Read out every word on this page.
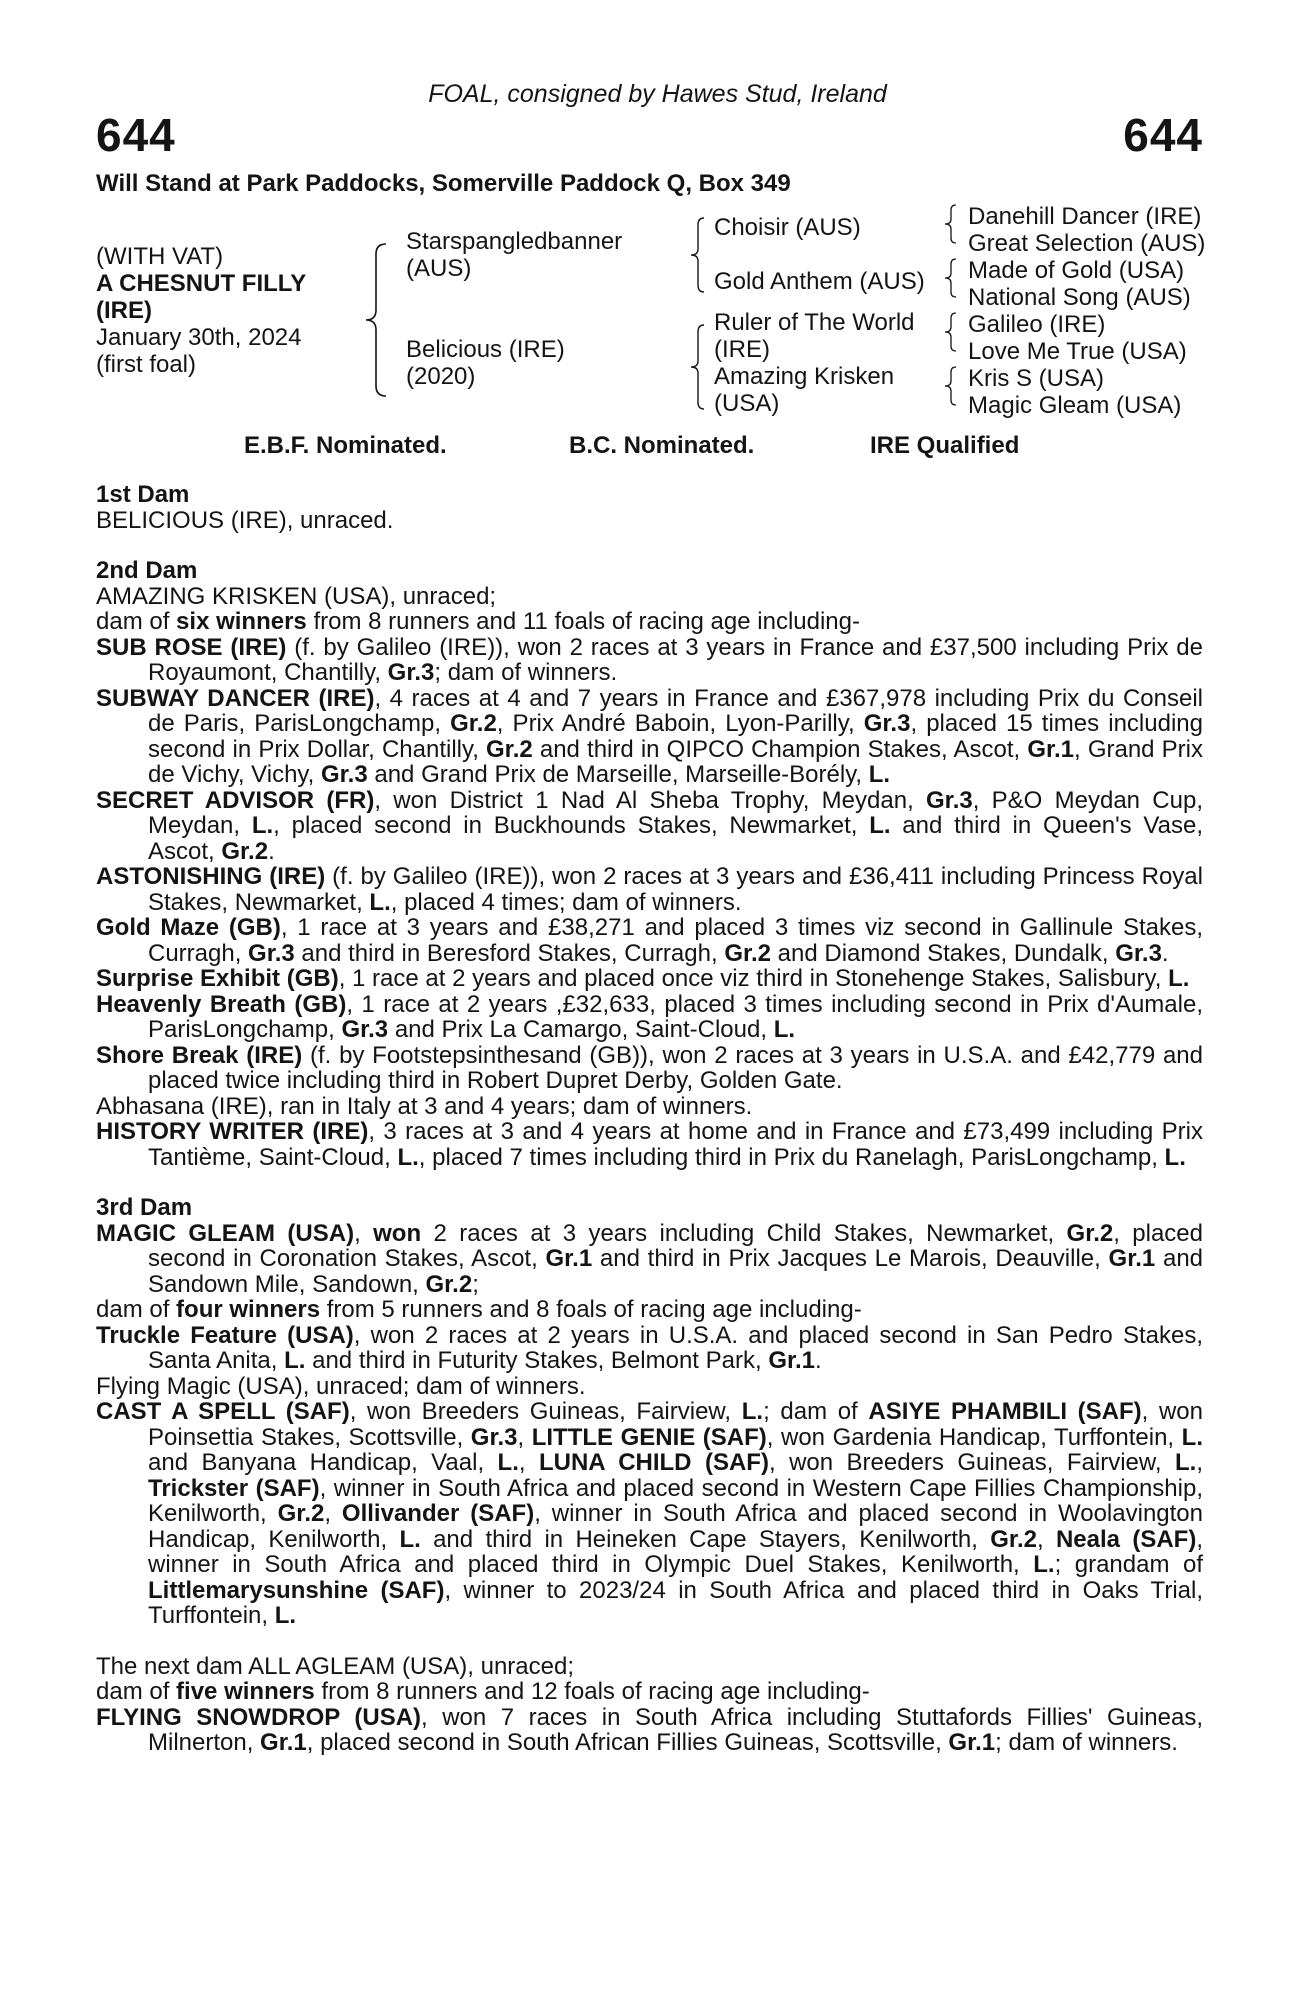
FOAL, consigned by Hawes Stud, Ireland
644	644
Will Stand at Park Paddocks, Somerville Paddock Q, Box 349
(WITH VAT)
A CHESNUT FILLY
(IRE)
January 30th, 2024
(first foal)
Starspangledbanner
(AUS)
Belicious (IRE)
(2020)
Choisir (AUS)
Gold Anthem (AUS)
Ruler of The World
(IRE)
Amazing Krisken
(USA)
Danehill Dancer (IRE)
Great Selection (AUS)
Made of Gold (USA)
National Song (AUS)
Galileo (IRE)
Love Me True (USA)
Kris S (USA)
Magic Gleam (USA)
E.B.F. Nominated.	B.C. Nominated.	IRE Qualified

1st Dam

BELICIOUS (IRE), unraced.

2nd Dam

AMAZING KRISKEN (USA), unraced;

dam of six winners from 8 runners and 11 foals of racing age including-

SUB ROSE (IRE) (f. by Galileo (IRE)), won 2 races at 3 years in France and £37,500 including Prix de Royaumont, Chantilly, Gr.3; dam of winners.

SUBWAY DANCER (IRE), 4 races at 4 and 7 years in France and £367,978 including Prix du Conseil de Paris, ParisLongchamp, Gr.2, Prix André Baboin, Lyon-Parilly, Gr.3, placed 15 times including second in Prix Dollar, Chantilly, Gr.2 and third in QIPCO Champion Stakes, Ascot, Gr.1, Grand Prix de Vichy, Vichy, Gr.3 and Grand Prix de Marseille, Marseille-Borély, L.

SECRET ADVISOR (FR), won District 1 Nad Al Sheba Trophy, Meydan, Gr.3, P&O Meydan Cup, Meydan, L., placed second in Buckhounds Stakes, Newmarket, L. and third in Queen's Vase, Ascot, Gr.2.

ASTONISHING (IRE) (f. by Galileo (IRE)), won 2 races at 3 years and £36,411 including Princess Royal Stakes, Newmarket, L., placed 4 times; dam of winners.

Gold Maze (GB), 1 race at 3 years and £38,271 and placed 3 times viz second in Gallinule Stakes, Curragh, Gr.3 and third in Beresford Stakes, Curragh, Gr.2 and Diamond Stakes, Dundalk, Gr.3.

Surprise Exhibit (GB), 1 race at 2 years and placed once viz third in Stonehenge Stakes, Salisbury, L.

Heavenly Breath (GB), 1 race at 2 years ,£32,633, placed 3 times including second in Prix d'Aumale, ParisLongchamp, Gr.3 and Prix La Camargo, Saint-Cloud, L.

Shore Break (IRE) (f. by Footstepsinthesand (GB)), won 2 races at 3 years in U.S.A. and £42,779 and placed twice including third in Robert Dupret Derby, Golden Gate.

Abhasana (IRE), ran in Italy at 3 and 4 years; dam of winners.

HISTORY WRITER (IRE), 3 races at 3 and 4 years at home and in France and £73,499 including Prix Tantième, Saint-Cloud, L., placed 7 times including third in Prix du Ranelagh, ParisLongchamp, L.

3rd Dam

MAGIC GLEAM (USA), won 2 races at 3 years including Child Stakes, Newmarket, Gr.2, placed second in Coronation Stakes, Ascot, Gr.1 and third in Prix Jacques Le Marois, Deauville, Gr.1 and Sandown Mile, Sandown, Gr.2;

dam of four winners from 5 runners and 8 foals of racing age including-

Truckle Feature (USA), won 2 races at 2 years in U.S.A. and placed second in San Pedro Stakes, Santa Anita, L. and third in Futurity Stakes, Belmont Park, Gr.1.

Flying Magic (USA), unraced; dam of winners.

CAST A SPELL (SAF), won Breeders Guineas, Fairview, L.; dam of ASIYE PHAMBILI (SAF), won Poinsettia Stakes, Scottsville, Gr.3, LITTLE GENIE (SAF), won Gardenia Handicap, Turffontein, L. and Banyana Handicap, Vaal, L., LUNA CHILD (SAF), won Breeders Guineas, Fairview, L., Trickster (SAF), winner in South Africa and placed second in Western Cape Fillies Championship, Kenilworth, Gr.2, Ollivander (SAF), winner in South Africa and placed second in Woolavington Handicap, Kenilworth, L. and third in Heineken Cape Stayers, Kenilworth, Gr.2, Neala (SAF), winner in South Africa and placed third in Olympic Duel Stakes, Kenilworth, L.; grandam of Littlemarysunshine (SAF), winner to 2023/24 in South Africa and placed third in Oaks Trial, Turffontein, L.

The next dam ALL AGLEAM (USA), unraced;

dam of five winners from 8 runners and 12 foals of racing age including-

FLYING SNOWDROP (USA), won 7 races in South Africa including Stuttafords Fillies' Guineas, Milnerton, Gr.1, placed second in South African Fillies Guineas, Scottsville, Gr.1; dam of winners.
